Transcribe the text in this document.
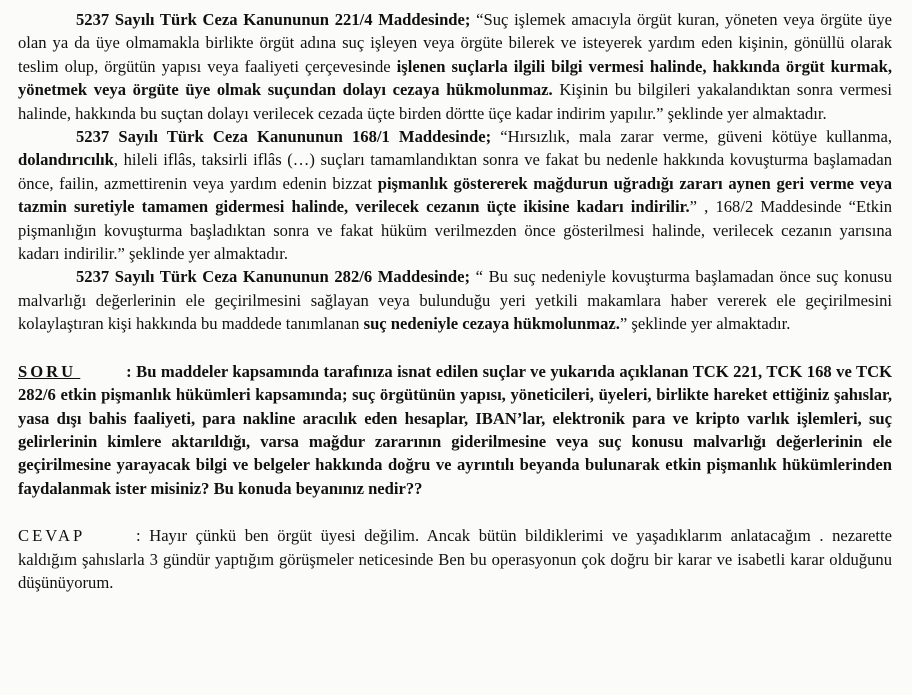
5237 Sayılı Türk Ceza Kanununun 221/4 Maddesinde; “Suç işlemek amacıyla örgüt kuran, yöneten veya örgüte üye olan ya da üye olmamakla birlikte örgüt adına suç işleyen veya örgüte bilerek ve isteyerek yardım eden kişinin, gönüllü olarak teslim olup, örgütün yapısı veya faaliyeti çerçevesinde işlenen suçlarla ilgili bilgi vermesi halinde, hakkında örgüt kurmak, yönetmek veya örgüte üye olmak suçundan dolayı cezaya hükmolunmaz. Kişinin bu bilgileri yakalandıktan sonra vermesi halinde, hakkında bu suçtan dolayı verilecek cezada üçte birden dörtte üçe kadar indirim yapılır.” şeklinde yer almaktadır.

5237 Sayılı Türk Ceza Kanununun 168/1 Maddesinde; “Hırsızlık, mala zarar verme, güveni kötüye kullanma, dolandırıcılık, hileli iflâs, taksirli iflâs (…) suçları tamamlandıktan sonra ve fakat bu nedenle hakkında kovuşturma başlamadan önce, failin, azmettirenin veya yardım edenin bizzat pişmanlık göstererek mağdurun uğradığı zararı aynen geri verme veya tazmin suretiyle tamamen gidermesi halinde, verilecek cezanın üçte ikisine kadarı indirilir.” , 168/2 Maddesinde “Etkin pişmanlığın kovuşturma başladıktan sonra ve fakat hüküm verilmezden önce gösterilmesi halinde, verilecek cezanın yarısına kadarı indirilir.” şeklinde yer almaktadır.

5237 Sayılı Türk Ceza Kanununun 282/6 Maddesinde; “ Bu suç nedeniyle kovuşturma başlamadan önce suç konusu malvarlığı değerlerinin ele geçirilmesini sağlayan veya bulunduğu yeri yetkili makamlara haber vererek ele geçirilmesini kolaylaştıran kişi hakkında bu maddede tanımlanan suç nedeniyle cezaya hükmolunmaz.” şeklinde yer almaktadır.

SORU	: Bu maddeler kapsamında tarafınıza isnat edilen suçlar ve yukarıda açıklanan TCK 221, TCK 168 ve TCK 282/6 etkin pişmanlık hükümleri kapsamında; suç örgütünün yapısı, yöneticileri, üyeleri, birlikte hareket ettiğiniz şahıslar, yasa dışı bahis faaliyeti, para nakline aracılık eden hesaplar, IBAN’lar, elektronik para ve kripto varlık işlemleri, suç gelirlerinin kimlere aktarıldığı, varsa mağdur zararının giderilmesine veya suç konusu malvarlığı değerlerinin ele geçirilmesine yarayacak bilgi ve belgeler hakkında doğru ve ayrıntılı beyanda bulunarak etkin pişmanlık hükümlerinden faydalanmak ister misiniz? Bu konuda beyanınız nedir??

CEVAP	: Hayır çünkü ben örgüt üyesi değilim. Ancak bütün bildiklerimi ve yaşadıklarım anlatacağım . nezarette kaldığım şahıslarla 3 gündür yaptığım görüşmeler neticesinde Ben bu operasyonun çok doğru bir karar ve isabetli karar olduğunu düşünüyorum.
